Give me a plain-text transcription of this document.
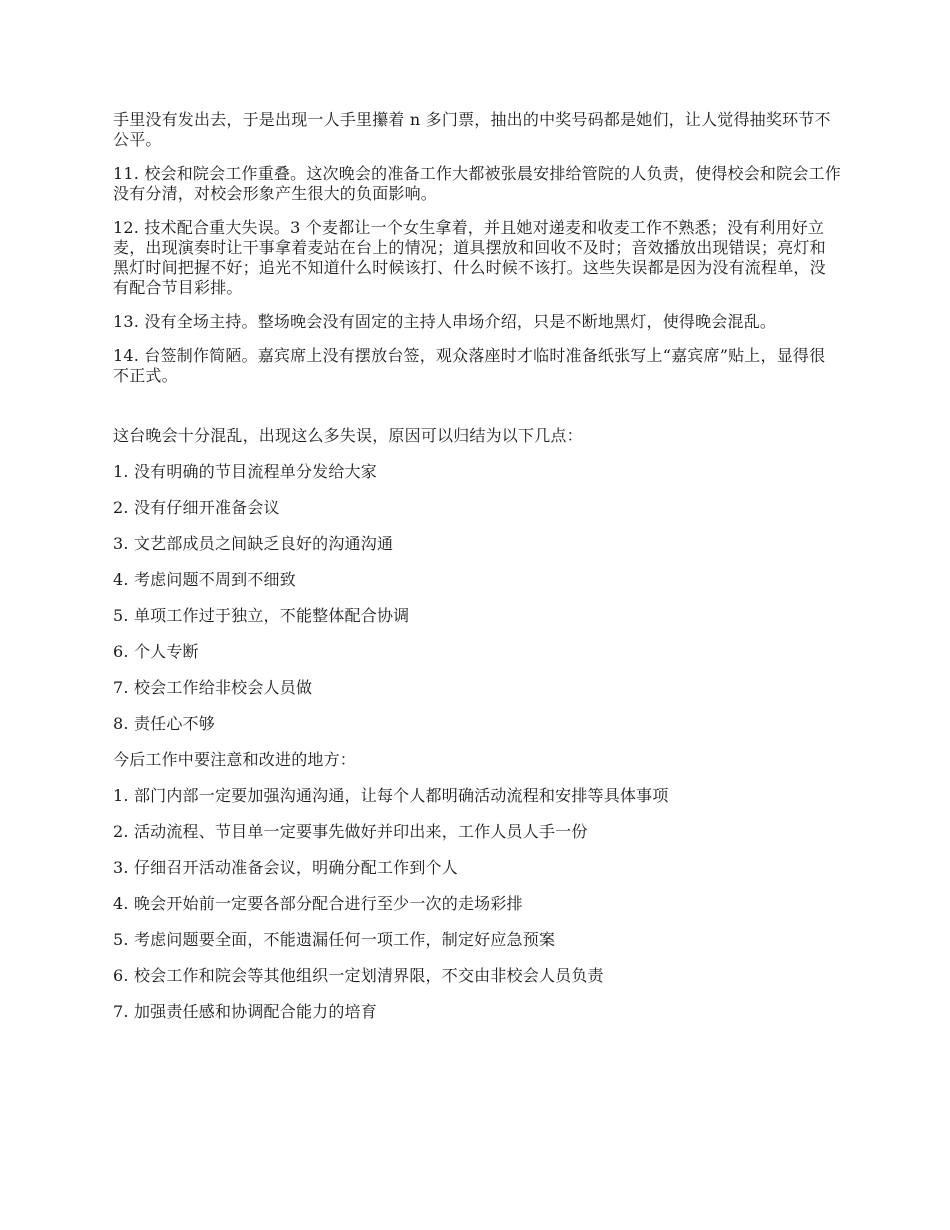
手里没有发出去，于是出现一人手里攥着 n 多门票，抽出的中奖号码都是她们，让人觉得抽奖环节不公平。

11. 校会和院会工作重叠。这次晚会的准备工作大都被张晨安排给管院的人负责，使得校会和院会工作没有分清，对校会形象产生很大的负面影响。

12. 技术配合重大失误。3 个麦都让一个女生拿着，并且她对递麦和收麦工作不熟悉；没有利用好立麦，出现演奏时让干事拿着麦站在台上的情况；道具摆放和回收不及时；音效播放出现错误；亮灯和黑灯时间把握不好；追光不知道什么时候该打、什么时候不该打。这些失误都是因为没有流程单，没有配合节目彩排。

13. 没有全场主持。整场晚会没有固定的主持人串场介绍，只是不断地黑灯，使得晚会混乱。

14. 台签制作简陋。嘉宾席上没有摆放台签，观众落座时才临时准备纸张写上“嘉宾席”贴上，显得很不正式。

这台晚会十分混乱，出现这么多失误，原因可以归结为以下几点：

1. 没有明确的节目流程单分发给大家

2. 没有仔细开准备会议

3. 文艺部成员之间缺乏良好的沟通沟通

4. 考虑问题不周到不细致

5. 单项工作过于独立，不能整体配合协调

6. 个人专断

7. 校会工作给非校会人员做

8. 责任心不够

今后工作中要注意和改进的地方：

1. 部门内部一定要加强沟通沟通，让每个人都明确活动流程和安排等具体事项

2. 活动流程、节目单一定要事先做好并印出来，工作人员人手一份

3. 仔细召开活动准备会议，明确分配工作到个人

4. 晚会开始前一定要各部分配合进行至少一次的走场彩排

5. 考虑问题要全面，不能遗漏任何一项工作，制定好应急预案

6. 校会工作和院会等其他组织一定划清界限，不交由非校会人员负责

7. 加强责任感和协调配合能力的培育
